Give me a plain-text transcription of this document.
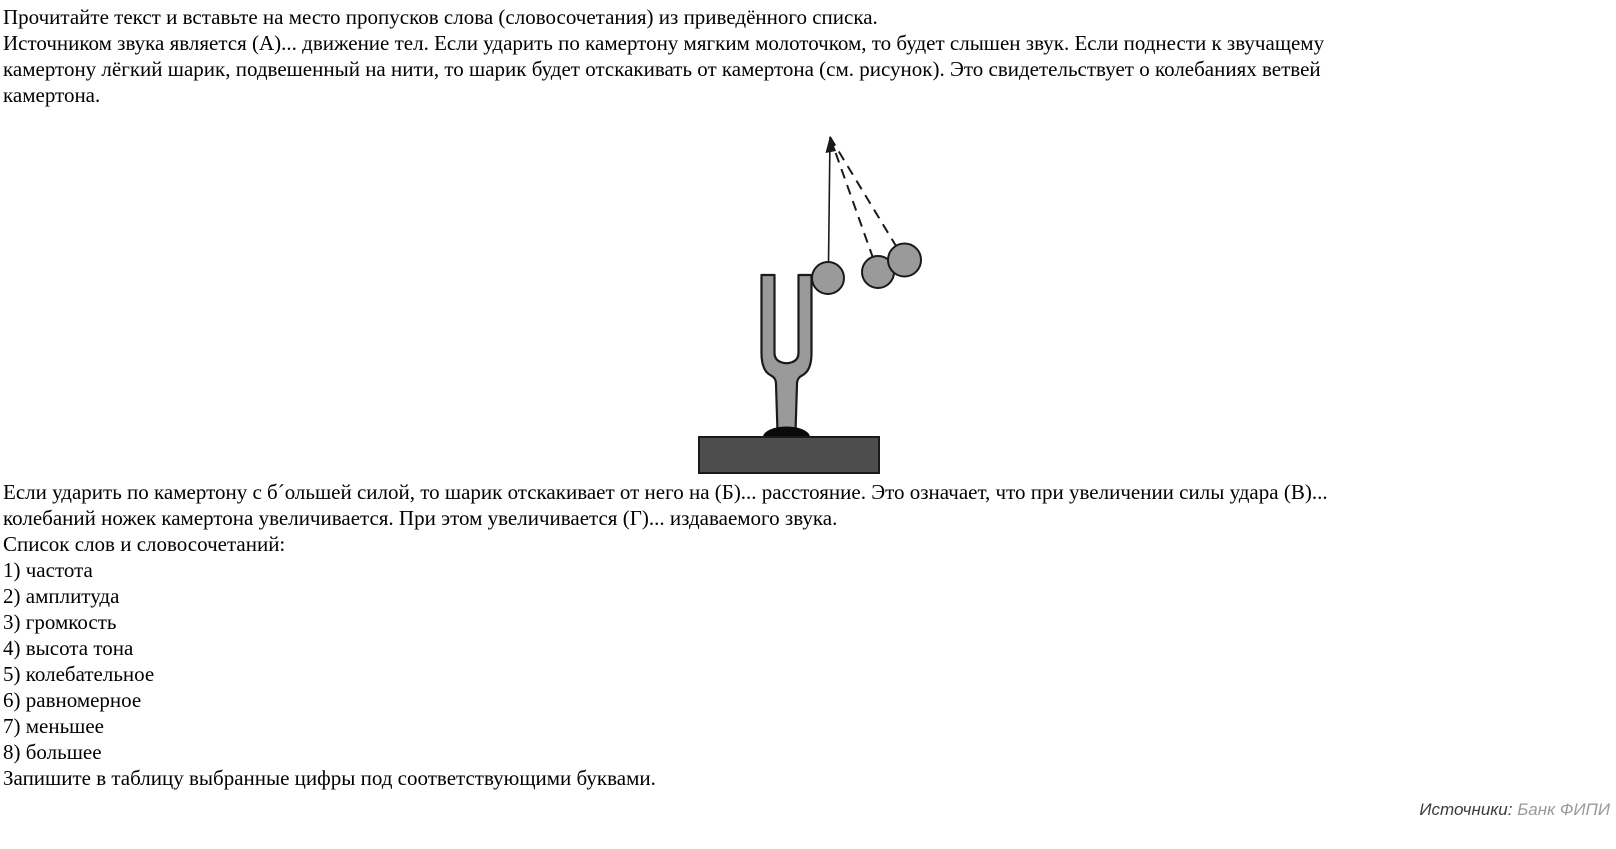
Прочитайте текст и вставьте на место пропусков слова (словосочетания) из приведённого списка.
Источником звука является (А)... движение тел. Если ударить по камертону мягким молоточком, то будет слышен звук. Если поднести к звучащему
камертону лёгкий шарик, подвешенный на нити, то шарик будет отскакивать от камертона (см. рисунок). Это свидетельствует о колебаниях ветвей
камертона.
Если ударить по камертону с б´ольшей силой, то шарик отскакивает от него на (Б)... расстояние. Это означает, что при увеличении силы удара (В)...
колебаний ножек камертона увеличивается. При этом увеличивается (Г)... издаваемого звука.
Список слов и словосочетаний:
1) частота
2) амплитуда
3) громкость
4) высота тона
5) колебательное
6) равномерное
7) меньшее
8) большее
Запишите в таблицу выбранные цифры под соответствующими буквами.
Источники: Банк ФИПИ
